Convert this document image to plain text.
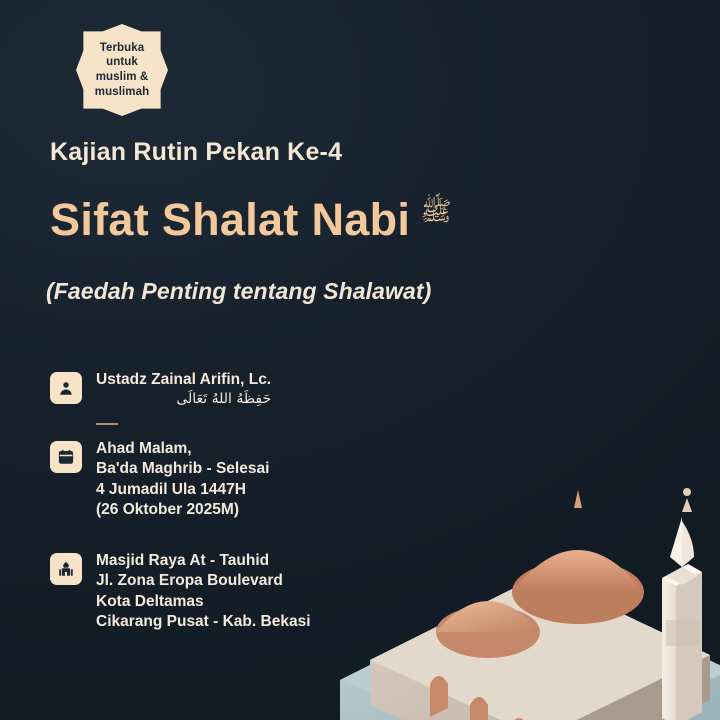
Terbuka
untuk
muslim &
muslimah
Kajian Rutin Pekan Ke-4
Sifat Shalat Nabi ﷺ
(Faedah Penting tentang Shalawat)
Ustadz Zainal Arifin, Lc.
حَفِظَهُ اللهُ تَعَالَى
Ahad Malam,
Ba'da Maghrib - Selesai
4 Jumadil Ula 1447H
(26 Oktober 2025M)
Masjid Raya At - Tauhid
Jl. Zona Eropa Boulevard
Kota Deltamas
Cikarang Pusat - Kab. Bekasi
